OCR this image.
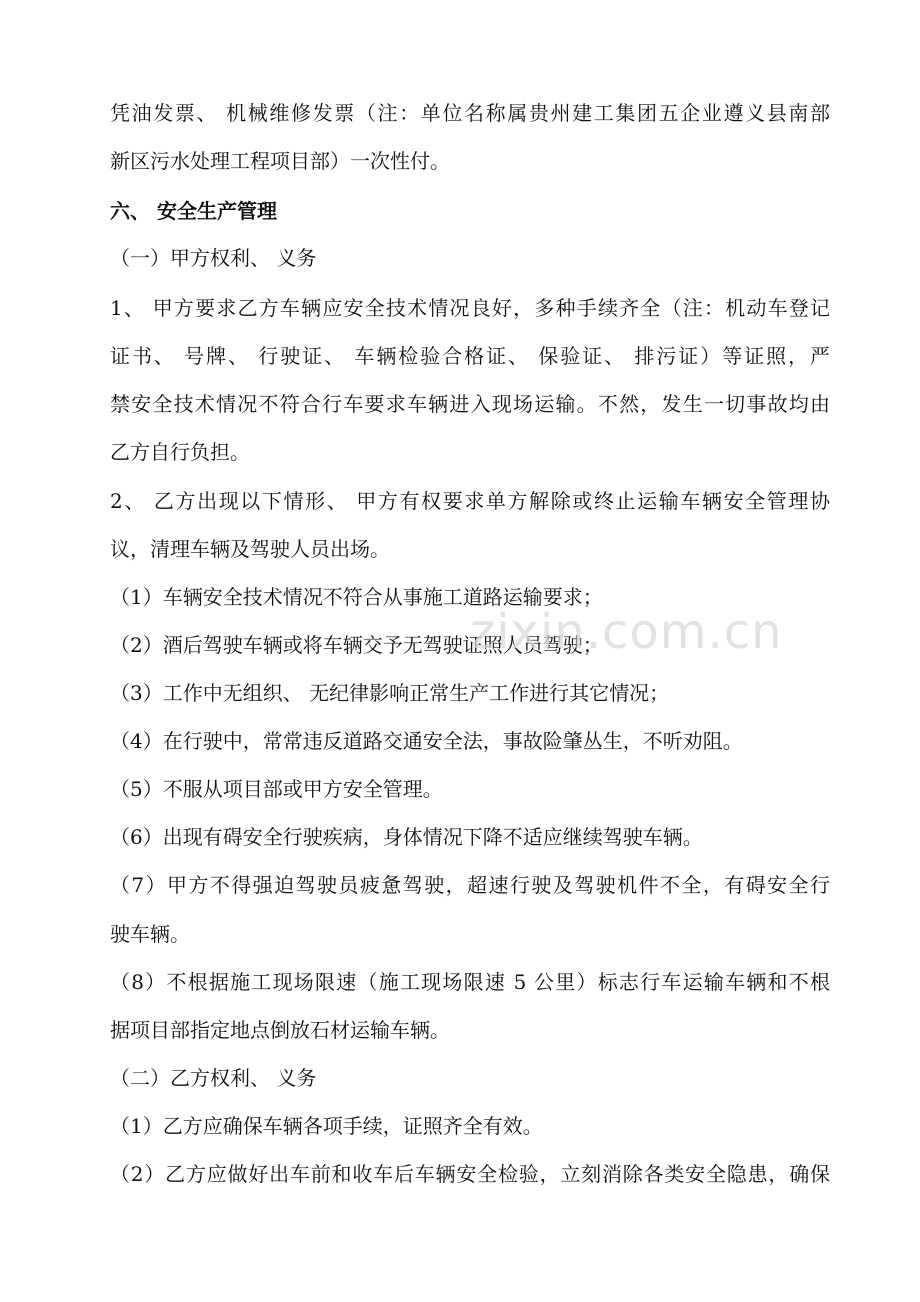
凭油发票、 机械维修发票（注：单位名称属贵州建工集团五企业遵义县南部
新区污水处理工程项目部）一次性付。
六、 安全生产管理
（一）甲方权利、 义务
1、 甲方要求乙方车辆应安全技术情况良好，多种手续齐全（注：机动车登记
证书、 号牌、 行驶证、 车辆检验合格证、 保验证、 排污证）等证照，严
禁安全技术情况不符合行车要求车辆进入现场运输。不然，发生一切事故均由
乙方自行负担。
2、 乙方出现以下情形、 甲方有权要求单方解除或终止运输车辆安全管理协
议，清理车辆及驾驶人员出场。
（1）车辆安全技术情况不符合从事施工道路运输要求；
（2）酒后驾驶车辆或将车辆交予无驾驶证照人员驾驶；
（3）工作中无组织、 无纪律影响正常生产工作进行其它情况；
（4）在行驶中，常常违反道路交通安全法，事故险肇丛生，不听劝阻。
（5）不服从项目部或甲方安全管理。
（6）出现有碍安全行驶疾病，身体情况下降不适应继续驾驶车辆。
（7）甲方不得强迫驾驶员疲惫驾驶，超速行驶及驾驶机件不全，有碍安全行
驶车辆。
（8）不根据施工现场限速（施工现场限速 5 公里）标志行车运输车辆和不根
据项目部指定地点倒放石材运输车辆。
（二）乙方权利、 义务
（1）乙方应确保车辆各项手续，证照齐全有效。
（2）乙方应做好出车前和收车后车辆安全检验，立刻消除各类安全隐患，确保
zixin.com.cn
